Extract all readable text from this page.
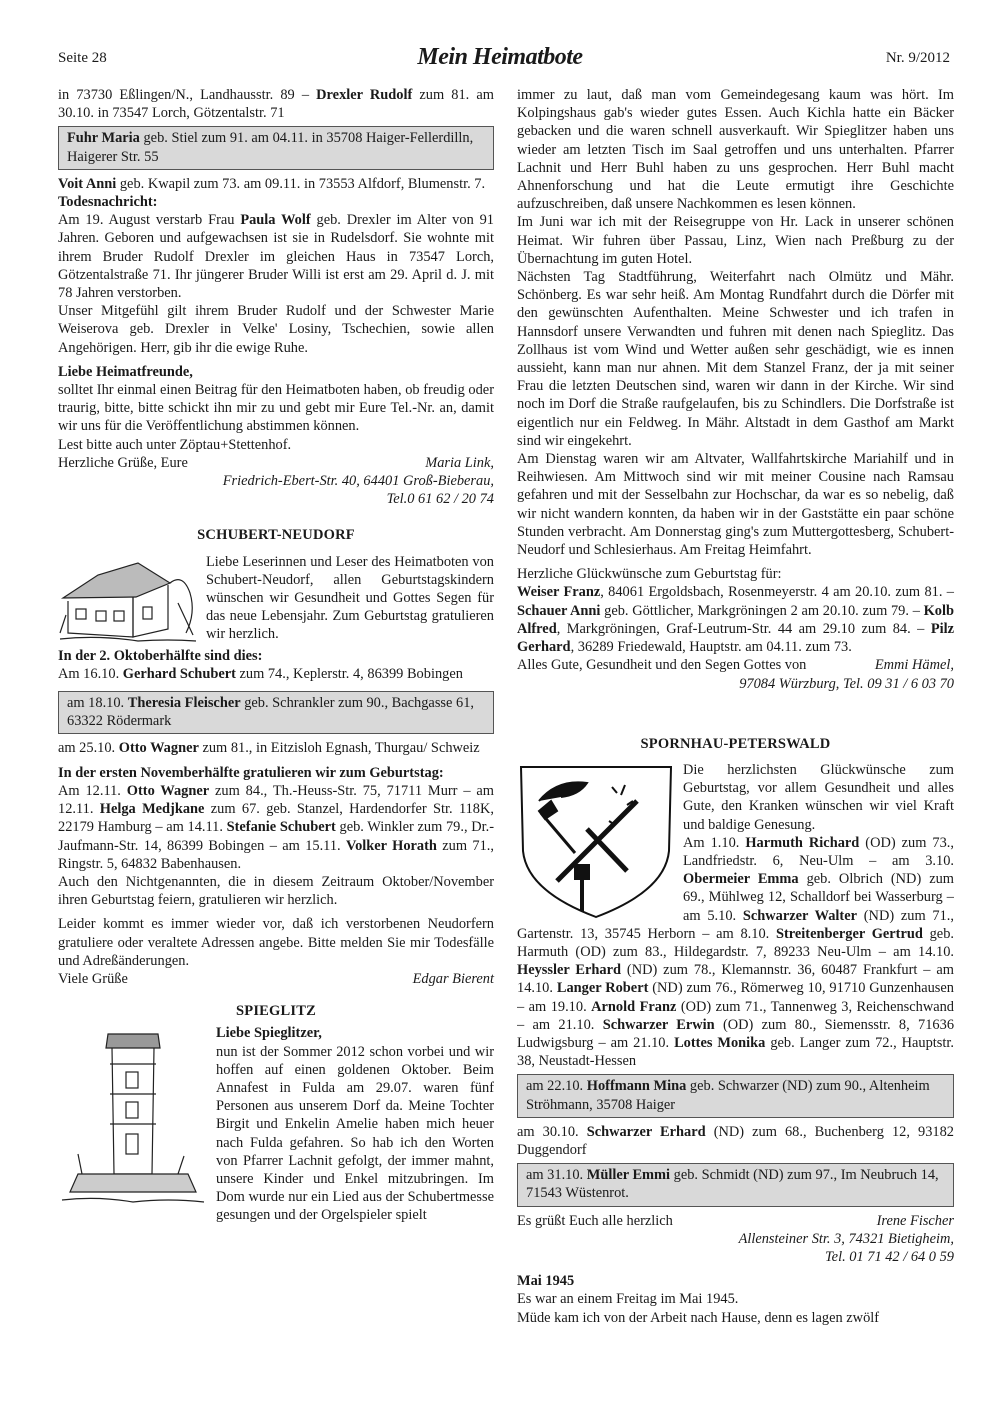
Seite 28	Mein Heimatbote	Nr. 9/2012

in 73730 Eßlingen/N., Landhausstr. 89 – Drexler Rudolf zum 81. am 30.10. in 73547 Lorch, Götzentalstr. 71

Fuhr Maria geb. Stiel zum 91. am 04.11. in 35708 Haiger-Fellerdilln, Haigerer Str. 55

Voit Anni geb. Kwapil zum 73. am 09.11. in 73553 Alfdorf, Blumenstr. 7.

Todesnachricht:

Am 19. August verstarb Frau Paula Wolf geb. Drexler im Alter von 91 Jahren. Geboren und aufgewachsen ist sie in Rudelsdorf. Sie wohnte mit ihrem Bruder Rudolf Drexler im gleichen Haus in 73547 Lorch, Götzentalstraße 71. Ihr jüngerer Bruder Willi ist erst am 29. April d. J. mit 78 Jahren verstorben.

Unser Mitgefühl gilt ihrem Bruder Rudolf und der Schwester Marie Weiserova geb. Drexler in Velke' Losiny, Tschechien, sowie allen Angehörigen. Herr, gib ihr die ewige Ruhe.

Liebe Heimatfreunde,

solltet Ihr einmal einen Beitrag für den Heimatboten haben, ob freudig oder traurig, bitte, bitte schickt ihn mir zu und gebt mir Eure Tel.-Nr. an, damit wir uns für die Veröffentlichung abstimmen können.

Lest bitte auch unter Zöptau+Stettenhof.

Herzliche Grüße, Eure	Maria Link,

Friedrich-Ebert-Str. 40, 64401 Groß-Bieberau,

Tel.0 61 62 / 20 74

SCHUBERT-NEUDORF

Liebe Leserinnen und Leser des Heimatboten von Schubert-Neudorf, allen Geburtstagskindern wünschen wir Gesundheit und Gottes Segen für das neue Lebensjahr. Zum Geburtstag gratulieren wir herzlich.

In der 2. Oktoberhälfte sind dies:

Am 16.10. Gerhard Schubert zum 74., Keplerstr. 4, 86399 Bobingen

am 18.10. Theresia Fleischer geb. Schrankler zum 90., Bachgasse 61, 63322 Rödermark

am 25.10. Otto Wagner zum 81., in Eitzisloh Egnash, Thurgau/ Schweiz

In der ersten Novemberhälfte gratulieren wir zum Geburtstag:

Am 12.11. Otto Wagner zum 84., Th.-Heuss-Str. 75, 71711 Murr – am 12.11. Helga Medjkane zum 67. geb. Stanzel, Hardendorfer Str. 118K, 22179 Hamburg – am 14.11. Stefanie Schubert geb. Winkler zum 79., Dr.-Jaufmann-Str. 14, 86399 Bobingen – am 15.11. Volker Horath zum 71., Ringstr. 5, 64832 Babenhausen.

Auch den Nichtgenannten, die in diesem Zeitraum Oktober/November ihren Geburtstag feiern, gratulieren wir herzlich.

Leider kommt es immer wieder vor, daß ich verstorbenen Neudorfern gratuliere oder veraltete Adressen angebe. Bitte melden Sie mir Todesfälle und Adreßänderungen.

Viele Grüße	Edgar Bierent
SPIEGLITZ

Liebe Spieglitzer,

nun ist der Sommer 2012 schon vorbei und wir hoffen auf einen goldenen Oktober. Beim Annafest in Fulda am 29.07. waren fünf Personen aus unserem Dorf da. Meine Tochter Birgit und Enkelin Amelie haben mich heuer nach Fulda gefahren. So hab ich den Worten von Pfarrer Lachnit gefolgt, der immer mahnt, unsere Kinder und Enkel mitzubringen. Im Dom wurde nur ein Lied aus der Schubertmesse gesungen und der Orgelspieler spielt

immer zu laut, daß man vom Gemeindegesang kaum was hört. Im Kolpingshaus gab's wieder gutes Essen. Auch Kichla hatte ein Bäcker gebacken und die waren schnell ausverkauft. Wir Spieglitzer haben uns wieder am letzten Tisch im Saal getroffen und uns unterhalten. Pfarrer Lachnit und Herr Buhl haben zu uns gesprochen. Herr Buhl macht Ahnenforschung und hat die Leute ermutigt ihre Geschichte aufzuschreiben, daß unsere Nachkommen es lesen können.

Im Juni war ich mit der Reisegruppe von Hr. Lack in unserer schönen Heimat. Wir fuhren über Passau, Linz, Wien nach Preßburg zu der Übernachtung im guten Hotel.

Nächsten Tag Stadtführung, Weiterfahrt nach Olmütz und Mähr. Schönberg. Es war sehr heiß. Am Montag Rundfahrt durch die Dörfer mit den gewünschten Aufenthalten. Meine Schwester und ich trafen in Hannsdorf unsere Verwandten und fuhren mit denen nach Spieglitz. Das Zollhaus ist vom Wind und Wetter außen sehr geschädigt, wie es innen aussieht, kann man nur ahnen. Mit dem Stanzel Franz, der ja mit seiner Frau die letzten Deutschen sind, waren wir dann in der Kirche. Wir sind noch im Dorf die Straße raufgelaufen, bis zu Schindlers. Die Dorfstraße ist eigentlich nur ein Feldweg. In Mähr. Altstadt in dem Gasthof am Markt sind wir eingekehrt.

Am Dienstag waren wir am Altvater, Wallfahrtskirche Mariahilf und in Reihwiesen. Am Mittwoch sind wir mit meiner Cousine nach Ramsau gefahren und mit der Sesselbahn zur Hochschar, da war es so nebelig, daß wir nicht wandern konnten, da haben wir in der Gaststätte ein paar schöne Stunden verbracht. Am Donnerstag ging's zum Muttergottesberg, Schubert-Neudorf und Schlesierhaus. Am Freitag Heimfahrt.

Herzliche Glückwünsche zum Geburtstag für:

Weiser Franz, 84061 Ergoldsbach, Rosenmeyerstr. 4 am 20.10. zum 81. – Schauer Anni geb. Göttlicher, Markgröningen 2 am 20.10. zum 79. – Kolb Alfred, Markgröningen, Graf-Leutrum-Str. 44 am 29.10 zum 84. – Pilz Gerhard, 36289 Friedewald, Hauptstr. am 04.11. zum 73.

Alles Gute, Gesundheit und den Segen Gottes von	Emmi Hämel,

97084 Würzburg, Tel. 09 31 / 6 03 70

SPORNHAU-PETERSWALD

Die herzlichsten Glückwünsche zum Geburtstag, vor allem Gesundheit und alles Gute, den Kranken wünschen wir viel Kraft und baldige Genesung.

Am 1.10. Harmuth Richard (OD) zum 73., Landfriedstr. 6, Neu-Ulm – am 3.10. Obermeier Emma geb. Olbrich (ND) zum 69., Mühlweg 12, Schalldorf bei Wasserburg – am 5.10. Schwarzer Walter (ND) zum 71., Gartenstr. 13, 35745 Herborn – am 8.10. Streitenberger Gertrud geb. Harmuth (OD) zum 83., Hildegardstr. 7, 89233 Neu-Ulm – am 14.10. Heyssler Erhard (ND) zum 78., Klemannstr. 36, 60487 Frankfurt – am 14.10. Langer Robert (ND) zum 76., Römerweg 10, 91710 Gunzenhausen – am 19.10. Arnold Franz (OD) zum 71., Tannenweg 3, Reichenschwand – am 21.10. Schwarzer Erwin (OD) zum 80., Siemensstr. 8, 71636 Ludwigsburg – am 21.10. Lottes Monika geb. Langer zum 72., Hauptstr. 38, Neustadt-Hessen

am 22.10. Hoffmann Mina geb. Schwarzer (ND) zum 90., Altenheim Ströhmann, 35708 Haiger

am 30.10. Schwarzer Erhard (ND) zum 68., Buchenberg 12, 93182 Duggendorf

am 31.10. Müller Emmi geb. Schmidt (ND) zum 97., Im Neubruch 14, 71543 Wüstenrot.
Es grüßt Euch alle herzlich	Irene Fischer

Allensteiner Str. 3, 74321 Bietigheim,

Tel. 01 71 42 / 64 0 59

Mai 1945

Es war an einem Freitag im Mai 1945.

Müde kam ich von der Arbeit nach Hause, denn es lagen zwölf
